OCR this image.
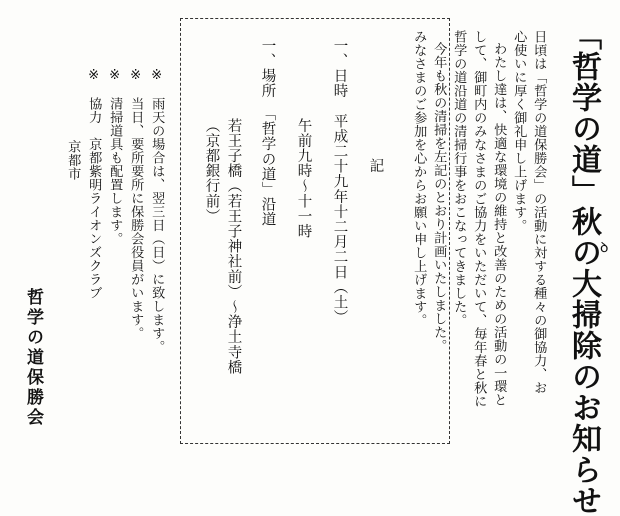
「哲学の道」秋の大掃除のお知らせ
日頃は「哲学の道保勝会」の活動に対する種々の御協力、お
心使いに厚く御礼申し上げます。
わたし達は、快適な環境の維持と改善のための活動の一環と
して、御町内のみなさまのご協力をいただいて、毎年春と秋に
哲学の道沿道の清掃行事をおこなってきました。
今年も秋の清掃を左記のとおり計画いたしました。
みなさまのご参加を心からお願い申し上げます。	ꝺ
記
一、日時　平成二十九年十二月二日（土）
午前九時～十一時
一、場所　「哲学の道」沿道
若王子橋（若王子神社前）～浄土寺橋
（京都銀行前）
※　雨天の場合は、翌三日（日）に致します。
※　当日、要所要所に保勝会役員がいます。
※　清掃道具も配置します。
※　協力　京都紫明ライオンズクラブ
京都市
哲学の道保勝会
